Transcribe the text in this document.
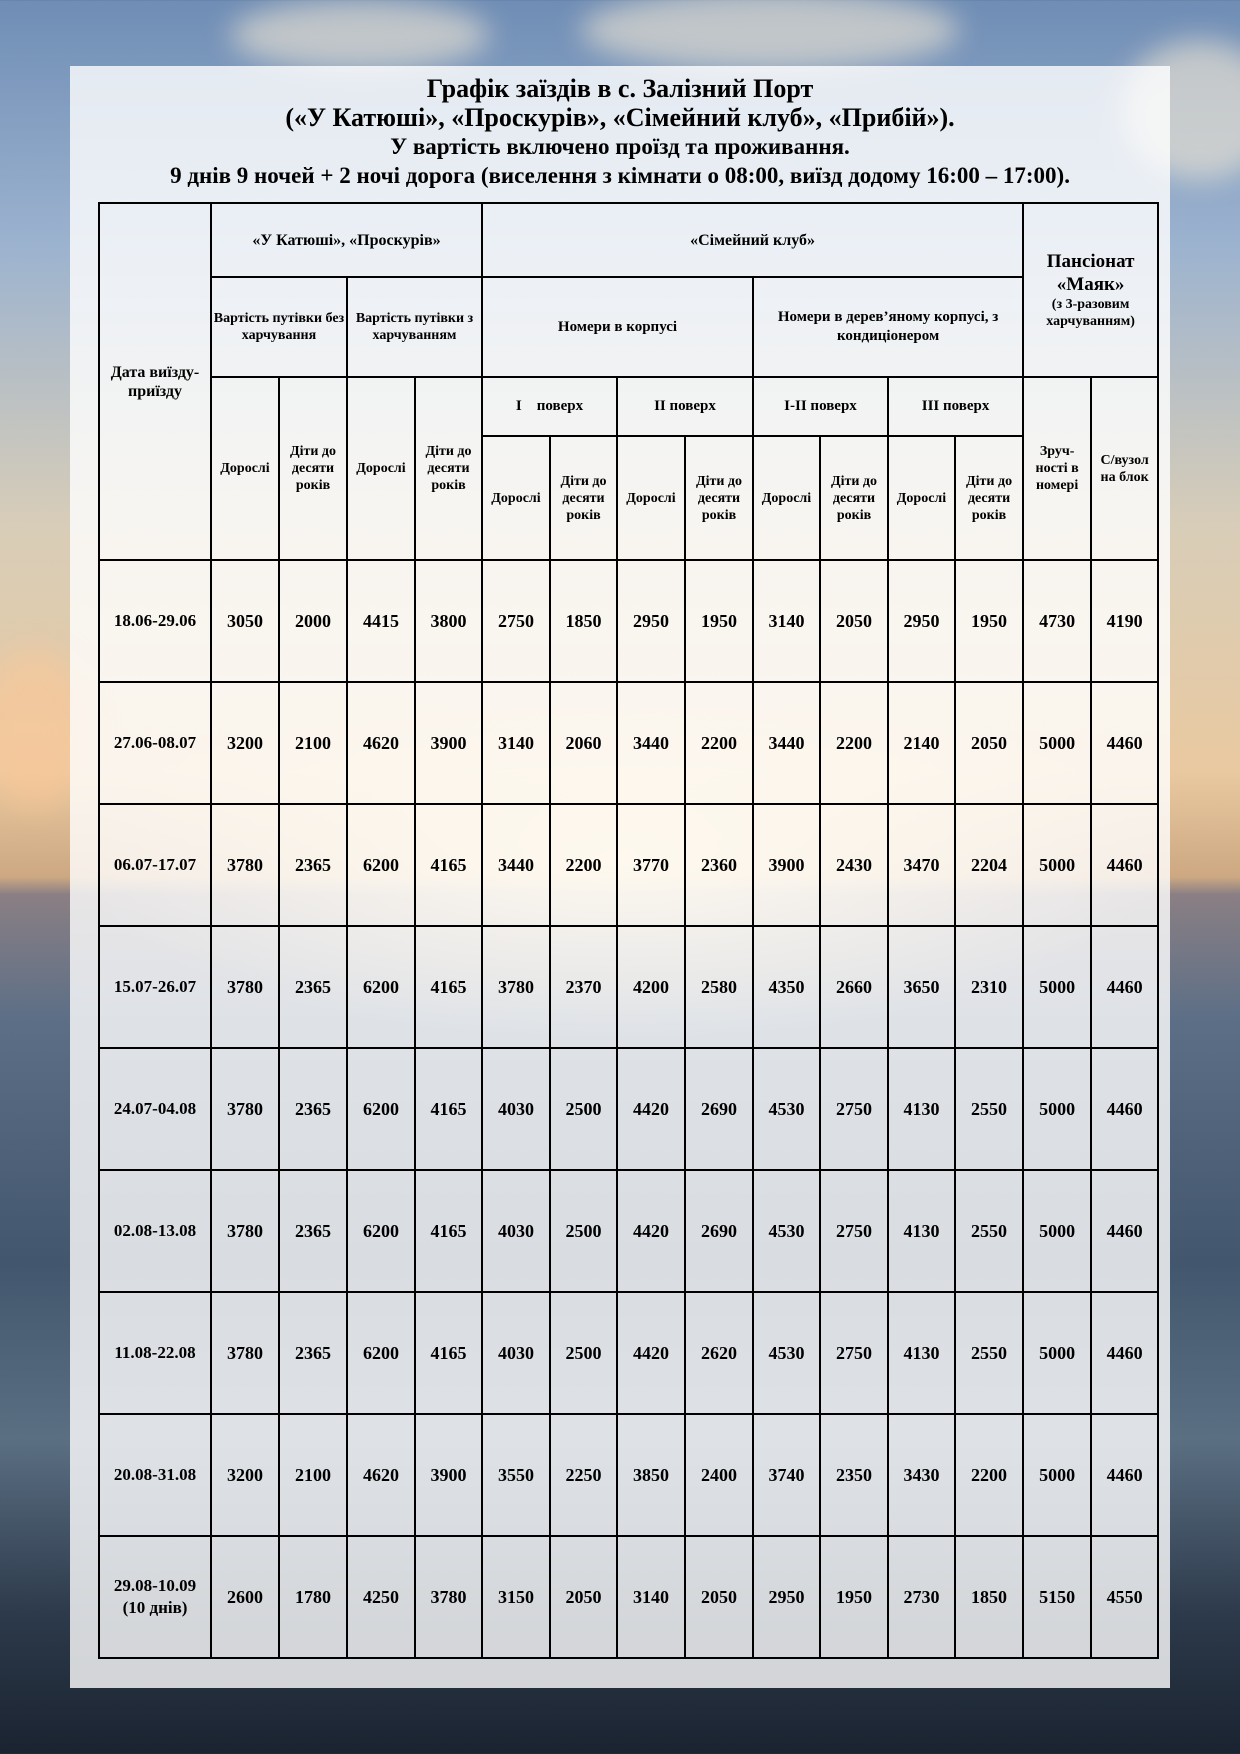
Графік заїздів в с. Залізний Порт
(«У Катюші», «Проскурів», «Сімейний клуб», «Прибій»).
У вартість включено проїзд та проживання.
9 днів 9 ночей + 2 ночі дорога (виселення з кімнати о 08:00, виїзд додому 16:00 – 17:00).
Дата виїзду-приїзду	«У Катюші», «Проскурів»				«Сімейний клуб»								Пансіонат «Маяк»
(з 3-разовим харчуванням)	

	Вартість путівки без харчування		Вартість путівки з харчуванням		Номери в корпусі				Номери в дерев’яному корпусі, з кондиціонером					
	Дорослі	Діти до десяти років	Дорослі	Діти до десяти років	І    поверх		ІІ поверх		І-ІІ поверх		ІІІ поверх		Зруч-ності в номері	С/вузол на блок
					Дорослі	Діти до десяти років	Дорослі	Діти до десяти років	Дорослі	Діти до десяти років	Дорослі	Діти до десяти років		

18.06-29.06	3050	2000	4415	3800	2750	1850	2950	1950	3140	2050	2950	1950	4730	4190

27.06-08.07	3200	2100	4620	3900	3140	2060	3440	2200	3440	2200	2140	2050	5000	4460

06.07-17.07	3780	2365	6200	4165	3440	2200	3770	2360	3900	2430	3470	2204	5000	4460

15.07-26.07	3780	2365	6200	4165	3780	2370	4200	2580	4350	2660	3650	2310	5000	4460

24.07-04.08	3780	2365	6200	4165	4030	2500	4420	2690	4530	2750	4130	2550	5000	4460

02.08-13.08	3780	2365	6200	4165	4030	2500	4420	2690	4530	2750	4130	2550	5000	4460

11.08-22.08	3780	2365	6200	4165	4030	2500	4420	2620	4530	2750	4130	2550	5000	4460

20.08-31.08	3200	2100	4620	3900	3550	2250	3850	2400	3740	2350	3430	2200	5000	4460

29.08-10.09
(10 днів)	2600	1780	4250	3780	3150	2050	3140	2050	2950	1950	2730	1850	5150	4550
